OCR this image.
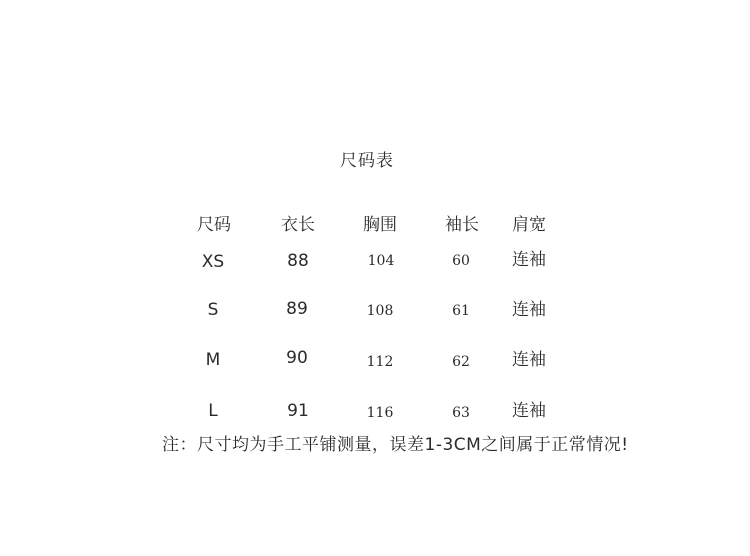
尺码表
尺码	衣长	胸围	袖长 肩宽
XS	88	104	60 连袖
S	89	108	61 连袖
M	90	112	62 连袖
L	91	116	63 连袖
注：尺寸均为手工平铺测量，误差1-3CM之间属于正常情况!
